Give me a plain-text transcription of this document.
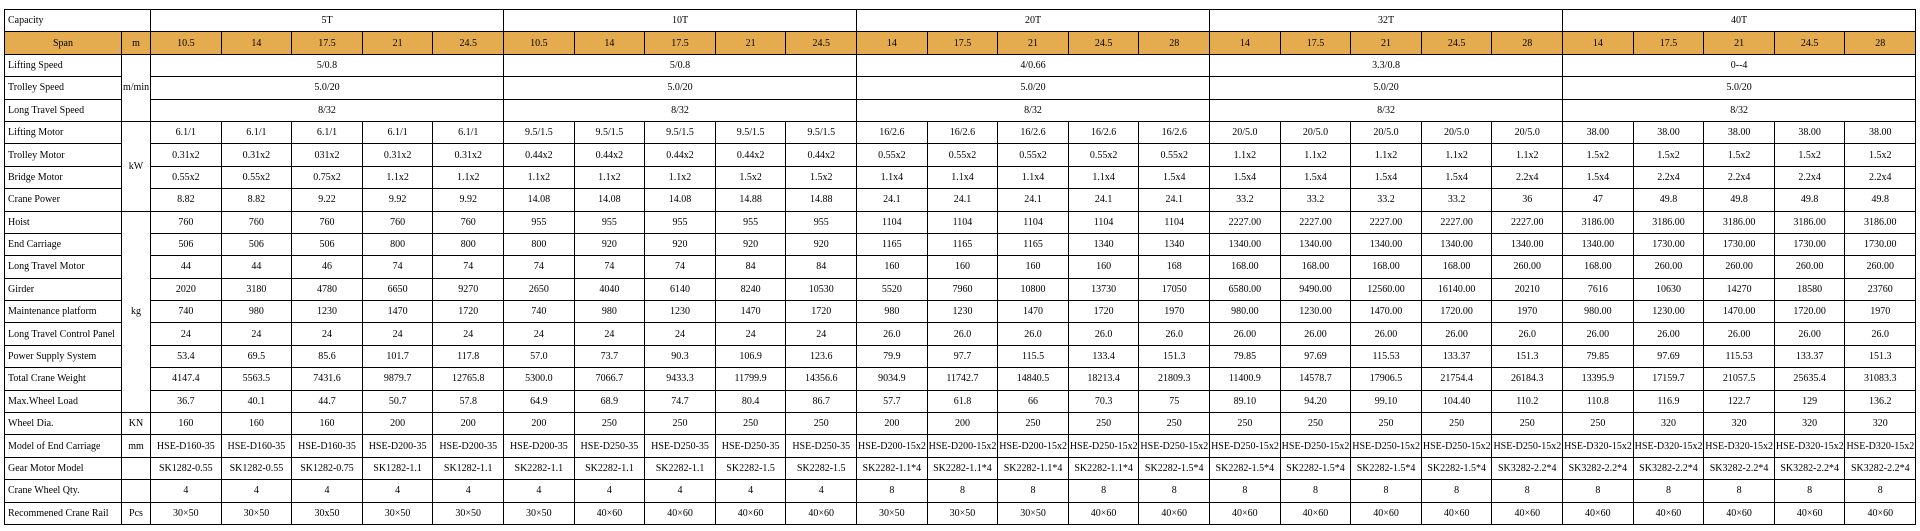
Capacity		5T					10T					20T					32T					40T				
Span	m	10.5	14	17.5	21	24.5	10.5	14	17.5	21	24.5	14	17.5	21	24.5	28	14	17.5	21	24.5	28	14	17.5	21	24.5	28
Lifting Speed	m/min	5/0.8					5/0.8					4/0.66					3.3/0.8					0--4				
Trolley Speed		5.0/20					5.0/20					5.0/20					5.0/20					5.0/20				
Long Travel Speed		8/32					8/32					8/32					8/32					8/32				
Lifting Motor	kW	6.1/1	6.1/1	6.1/1	6.1/1	6.1/1	9.5/1.5	9.5/1.5	9.5/1.5	9.5/1.5	9.5/1.5	16/2.6	16/2.6	16/2.6	16/2.6	16/2.6	20/5.0	20/5.0	20/5.0	20/5.0	20/5.0	38.00	38.00	38.00	38.00	38.00
Trolley Motor		0.31x2	0.31x2	031x2	0.31x2	0.31x2	0.44x2	0.44x2	0.44x2	0.44x2	0.44x2	0.55x2	0.55x2	0.55x2	0.55x2	0.55x2	1.1x2	1.1x2	1.1x2	1.1x2	1.1x2	1.5x2	1.5x2	1.5x2	1.5x2	1.5x2
Bridge Motor		0.55x2	0.55x2	0.75x2	1.1x2	1.1x2	1.1x2	1.1x2	1.1x2	1.5x2	1.5x2	1.1x4	1.1x4	1.1x4	1.1x4	1.5x4	1.5x4	1.5x4	1.5x4	1.5x4	2.2x4	1.5x4	2.2x4	2.2x4	2.2x4	2.2x4
Crane Power		8.82	8.82	9.22	9.92	9.92	14.08	14.08	14.08	14.88	14.88	24.1	24.1	24.1	24.1	24.1	33.2	33.2	33.2	33.2	36	47	49.8	49.8	49.8	49.8
Hoist	kg	760	760	760	760	760	955	955	955	955	955	1104	1104	1104	1104	1104	2227.00	2227.00	2227.00	2227.00	2227.00	3186.00	3186.00	3186.00	3186.00	3186.00
End Carriage		506	506	506	800	800	800	920	920	920	920	1165	1165	1165	1340	1340	1340.00	1340.00	1340.00	1340.00	1340.00	1340.00	1730.00	1730.00	1730.00	1730.00
Long Travel Motor		44	44	46	74	74	74	74	74	84	84	160	160	160	160	168	168.00	168.00	168.00	168.00	260.00	168.00	260.00	260.00	260.00	260.00
Girder		2020	3180	4780	6650	9270	2650	4040	6140	8240	10530	5520	7960	10800	13730	17050	6580.00	9490.00	12560.00	16140.00	20210	7616	10630	14270	18580	23760
Maintenance platform		740	980	1230	1470	1720	740	980	1230	1470	1720	980	1230	1470	1720	1970	980.00	1230.00	1470.00	1720.00	1970	980.00	1230.00	1470.00	1720.00	1970
Long Travel Control Panel		24	24	24	24	24	24	24	24	24	24	26.0	26.0	26.0	26.0	26.0	26.00	26.00	26.00	26.00	26.0	26.00	26.00	26.00	26.00	26.0
Power Supply System		53.4	69.5	85.6	101.7	117.8	57.0	73.7	90.3	106.9	123.6	79.9	97.7	115.5	133.4	151.3	79.85	97.69	115.53	133.37	151.3	79.85	97.69	115.53	133.37	151.3
Total Crane Weight		4147.4	5563.5	7431.6	9879.7	12765.8	5300.0	7066.7	9433.3	11799.9	14356.6	9034.9	11742.7	14840.5	18213.4	21809.3	11400.9	14578.7	17906.5	21754.4	26184.3	13395.9	17159.7	21057.5	25635.4	31083.3
Max.Wheel Load		36.7	40.1	44.7	50.7	57.8	64.9	68.9	74.7	80.4	86.7	57.7	61.8	66	70.3	75	89.10	94.20	99.10	104.40	110.2	110.8	116.9	122.7	129	136.2
Wheel Dia.	KN	160	160	160	200	200	200	250	250	250	250	200	200	250	250	250	250	250	250	250	250	250	320	320	320	320
Model of End Carriage	mm	HSE-D160-35	HSE-D160-35	HSE-D160-35	HSE-D200-35	HSE-D200-35	HSE-D200-35	HSE-D250-35	HSE-D250-35	HSE-D250-35	HSE-D250-35	HSE-D200-15x2	HSE-D200-15x2	HSE-D200-15x2	HSE-D250-15x2	HSE-D250-15x2	HSE-D250-15x2	HSE-D250-15x2	HSE-D250-15x2	HSE-D250-15x2	HSE-D250-15x2	HSE-D320-15x2	HSE-D320-15x2	HSE-D320-15x2	HSE-D320-15x2	HSE-D320-15x2
Gear Motor Model		SK1282-0.55	SK1282-0.55	SK1282-0.75	SK1282-1.1	SK1282-1.1	SK2282-1.1	SK2282-1.1	SK2282-1.1	SK2282-1.5	SK2282-1.5	SK2282-1.1*4	SK2282-1.1*4	SK2282-1.1*4	SK2282-1.1*4	SK2282-1.5*4	SK2282-1.5*4	SK2282-1.5*4	SK2282-1.5*4	SK2282-1.5*4	SK3282-2.2*4	SK3282-2.2*4	SK3282-2.2*4	SK3282-2.2*4	SK3282-2.2*4	SK3282-2.2*4
Crane Wheel Qty.		4	4	4	4	4	4	4	4	4	4	8	8	8	8	8	8	8	8	8	8	8	8	8	8	8
Recommened Crane Rail	Pcs	30×50	30×50	30x50	30×50	30×50	30×50	40×60	40×60	40×60	40×60	30×50	30×50	30×50	40×60	40×60	40×60	40×60	40×60	40×60	40×60	40×60	40×60	40×60	40×60	40×60
